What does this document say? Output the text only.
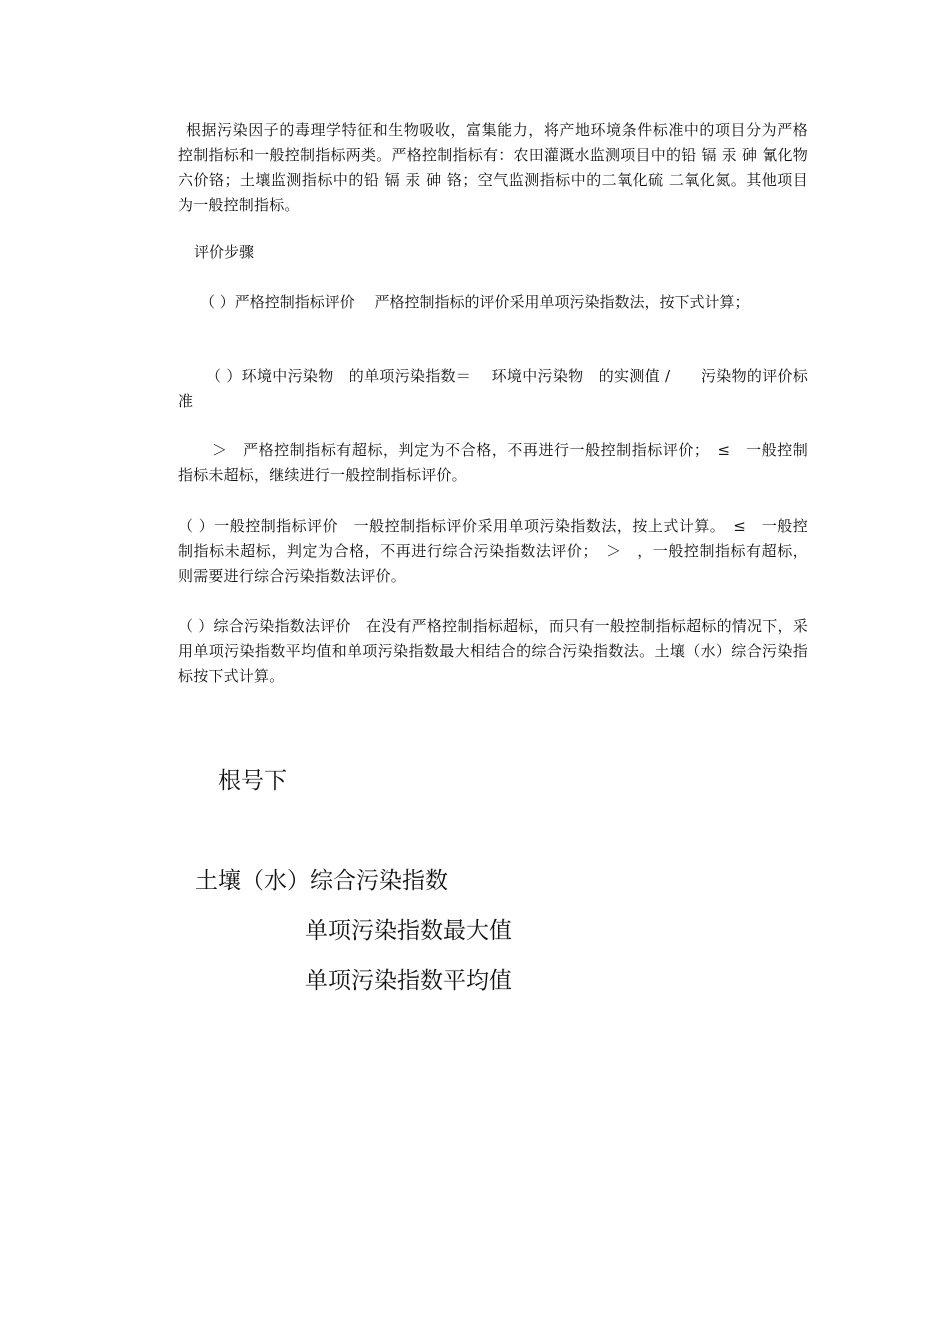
根据污染因子的毒理学特征和生物吸收，富集能力，将产地环境条件标准中的项目分为严格控制指标和一般控制指标两类。严格控制指标有：农田灌溉水监测项目中的铅 镉 汞 砷 氰化物 六价铬；土壤监测指标中的铅 镉 汞 砷 铬；空气监测指标中的二氧化硫 二氧化氮。其他项目为一般控制指标。

评价步骤

（ ）严格控制指标评价　 严格控制指标的评价采用单项污染指数法，按下式计算；

（ ）环境中污染物　的单项污染指数＝　 环境中污染物　的实测值 /　　污染物的评价标准

＞　严格控制指标有超标，判定为不合格，不再进行一般控制指标评价；　≤　一般控制指标未超标，继续进行一般控制指标评价。

（ ）一般控制指标评价　一般控制指标评价采用单项污染指数法，按上式计算。　≤　一般控制指标未超标，判定为合格，不再进行综合污染指数法评价；　＞　，一般控制指标有超标，则需要进行综合污染指数法评价。

（ ）综合污染指数法评价　在没有严格控制指标超标，而只有一般控制指标超标的情况下，采用单项污染指数平均值和单项污染指数最大相结合的综合污染指数法。土壤（水）综合污染指标按下式计算。

根号下

土壤（水）综合污染指数

单项污染指数最大值

单项污染指数平均值
